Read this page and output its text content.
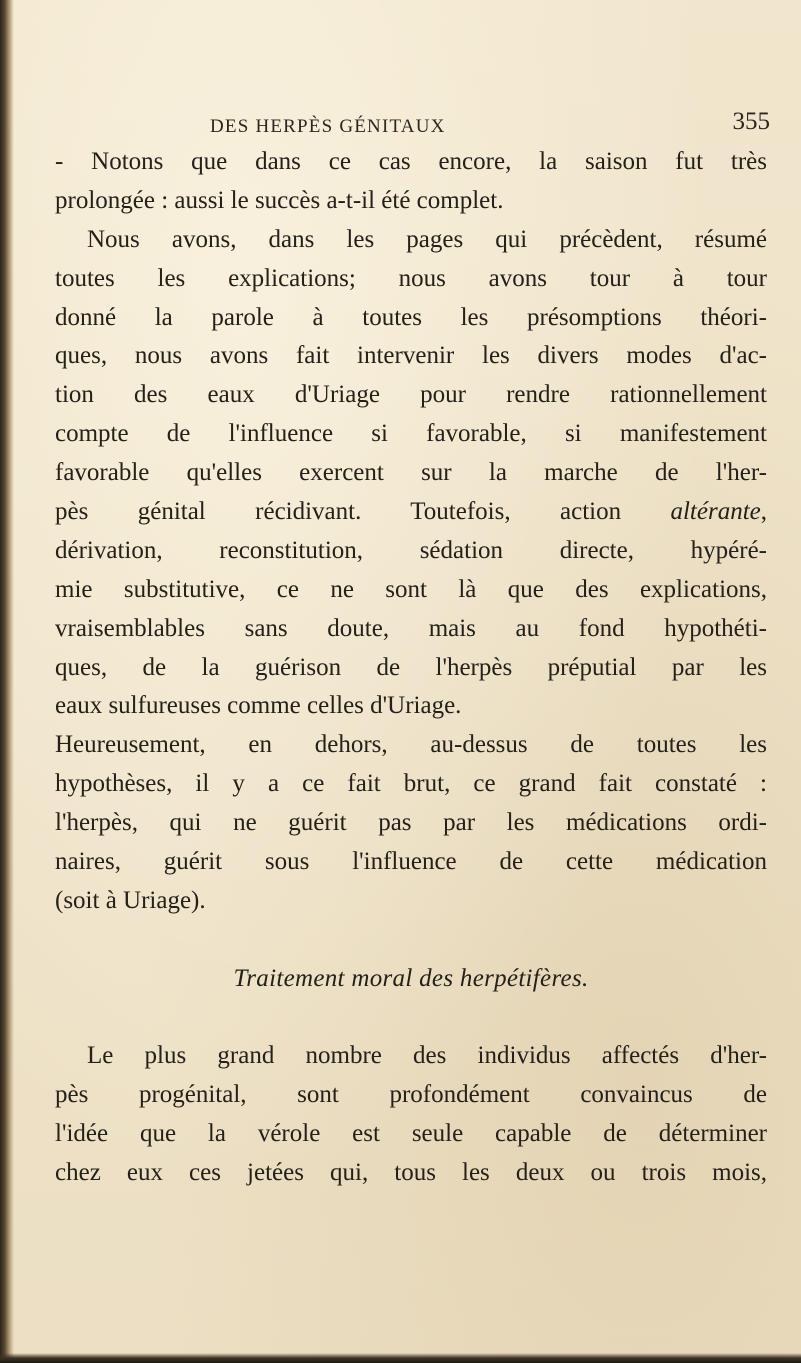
DES HERPÈS GÉNITAUX	355
- Notons que dans ce cas encore, la saison fut très
prolongée : aussi le succès a-t-il été complet.
Nous avons, dans les pages qui précèdent, résumé
toutes les explications; nous avons tour à tour
donné la parole à toutes les présomptions théori-
ques, nous avons fait intervenir les divers modes d'ac-
tion des eaux d'Uriage pour rendre rationnellement
compte de l'influence si favorable, si manifestement
favorable qu'elles exercent sur la marche de l'her-
pès génital récidivant. Toutefois, action altérante,
dérivation, reconstitution, sédation directe, hypéré-
mie substitutive, ce ne sont là que des explications,
vraisemblables sans doute, mais au fond hypothéti-
ques, de la guérison de l'herpès préputial par les
eaux sulfureuses comme celles d'Uriage.
Heureusement, en dehors, au-dessus de toutes les
hypothèses, il y a ce fait brut, ce grand fait constaté :
l'herpès, qui ne guérit pas par les médications ordi-
naires, guérit sous l'influence de cette médication
(soit à Uriage).
Traitement moral des herpétifères.
Le plus grand nombre des individus affectés d'her-
pès progénital, sont profondément convaincus de
l'idée que la vérole est seule capable de déterminer
chez eux ces jetées qui, tous les deux ou trois mois,
